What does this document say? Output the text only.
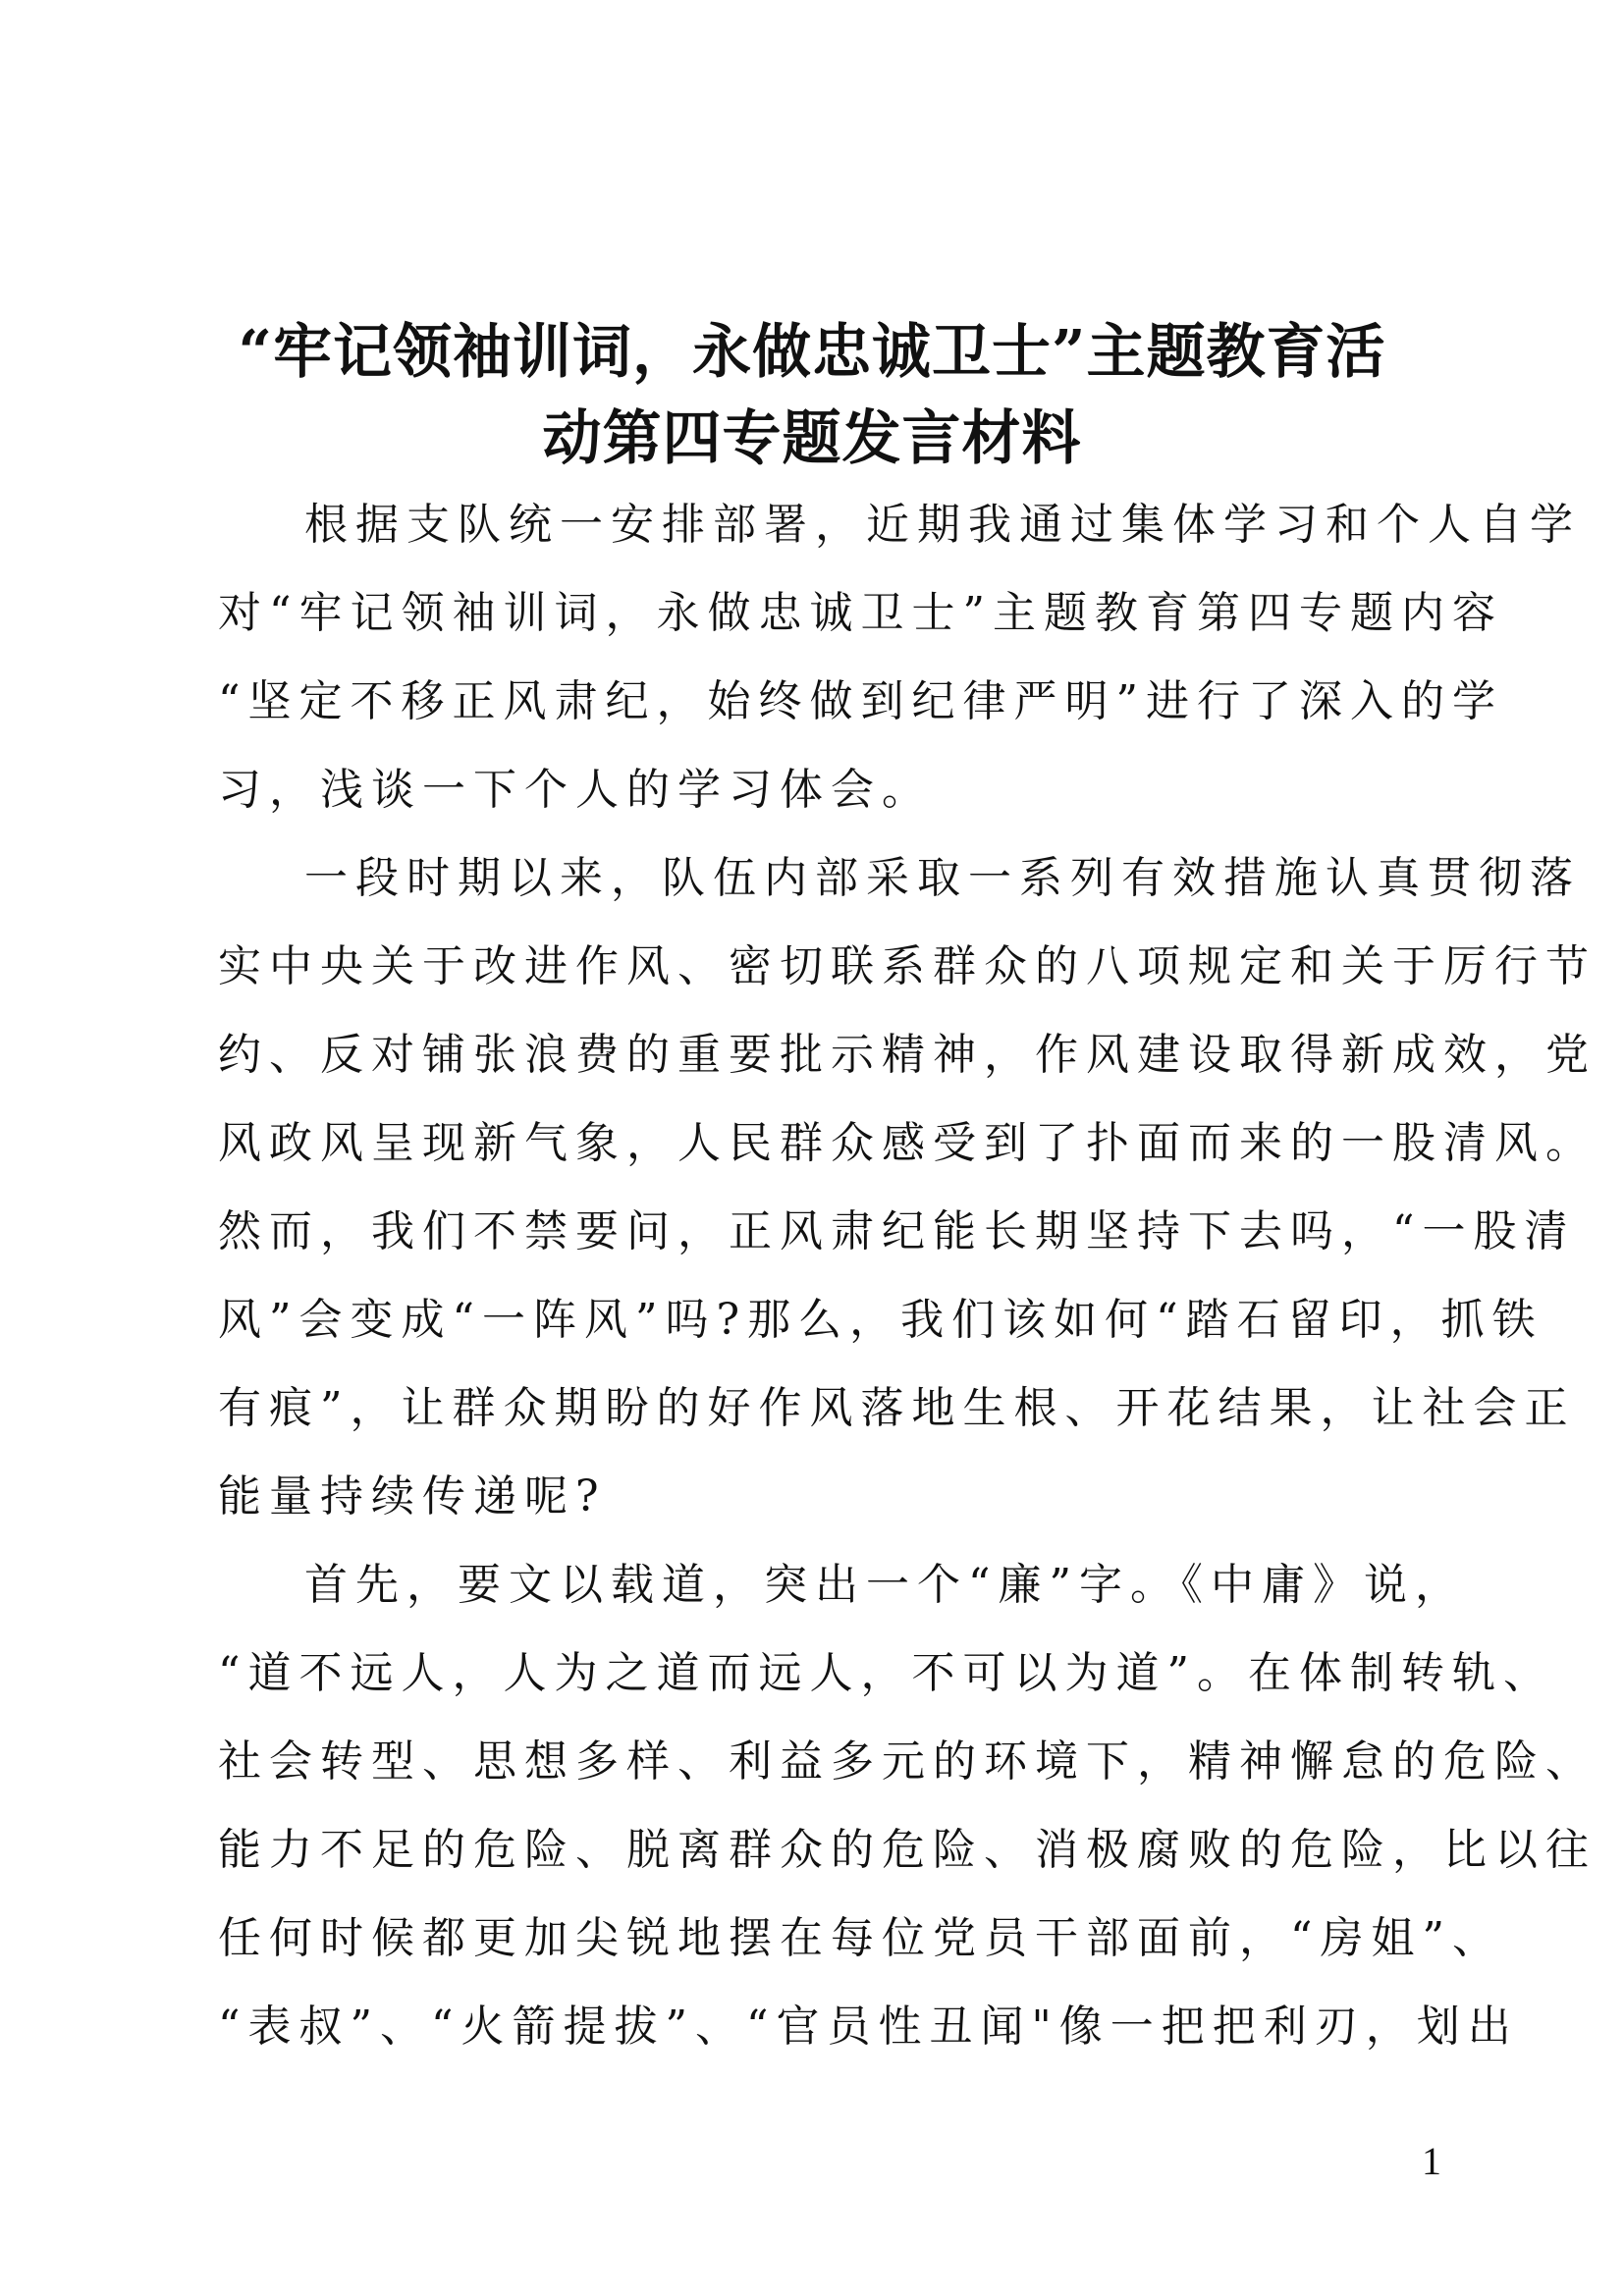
“牢记领袖训词，永做忠诚卫士”主题教育活
动第四专题发言材料
根据支队统一安排部署，近期我通过集体学习和个人自学
对“牢记领袖训词，永做忠诚卫士”主题教育第四专题内容
“坚定不移正风肃纪，始终做到纪律严明”进行了深入的学
习，浅谈一下个人的学习体会。
一段时期以来，队伍内部采取一系列有效措施认真贯彻落
实中央关于改进作风、密切联系群众的八项规定和关于厉行节
约、反对铺张浪费的重要批示精神，作风建设取得新成效，党
风政风呈现新气象，人民群众感受到了扑面而来的一股清风。
然而，我们不禁要问，正风肃纪能长期坚持下去吗，“一股清
风”会变成“一阵风”吗?那么，我们该如何“踏石留印，抓铁
有痕”，让群众期盼的好作风落地生根、开花结果，让社会正
能量持续传递呢?
首先，要文以载道，突出一个“廉”字。《中庸》说，
“道不远人，人为之道而远人，不可以为道”。在体制转轨、
社会转型、思想多样、利益多元的环境下，精神懈怠的危险、
能力不足的危险、脱离群众的危险、消极腐败的危险，比以往
任何时候都更加尖锐地摆在每位党员干部面前，“房姐”、
“表叔”、“火箭提拔”、“官员性丑闻"像一把把利刃，划出
1
